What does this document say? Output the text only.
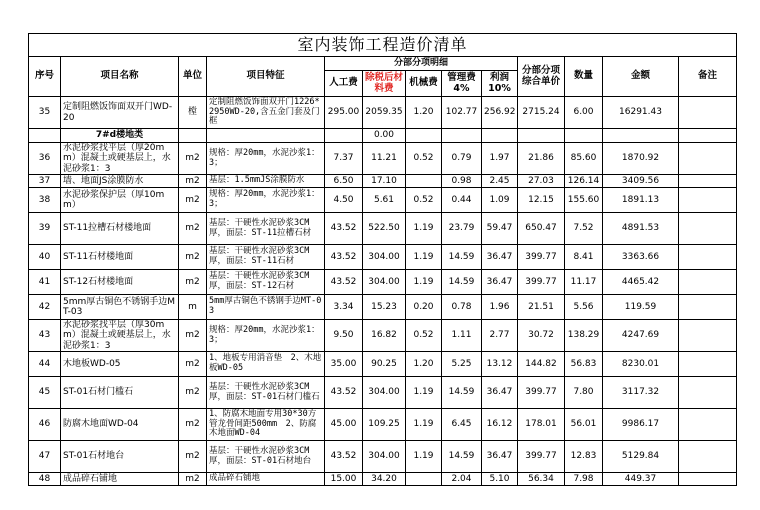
室内装饰工程造价清单												
序号	项目名称	单位	项目特征	分部分项明细					分部分项综合单价	数量	金额	备注
				人工费	除税后材料费	机械费	管理费4%	利润10%				
35	定制阻燃饭饰面双开门WD-20	樘	定制阻燃饭饰面双开门1226*2950WD-20,含五金门套及门框	295.00	2059.35	1.20	102.77	256.92	2715.24	6.00	16291.43	
	7#d楼地类				0.00							
36	水泥砂浆找平层（厚20mm）混凝土或硬基层上，水泥砂浆1：3	m2	规格：厚20mm，水泥沙浆1：3；	7.37	11.21	0.52	0.79	1.97	21.86	85.60	1870.92	
37	墙、地面JS涂膜防水	m2	基层：1.5mmJS涂膜防水	6.50	17.10		0.98	2.45	27.03	126.14	3409.56	
38	水泥砂浆保护层（厚10mm）	m2	规格：厚20mm，水泥沙浆1：3；	4.50	5.61	0.52	0.44	1.09	12.15	155.60	1891.13	
39	ST-11拉槽石材楼地面	m2	基层：干硬性水泥砂浆3CM厚，面层：ST-11拉槽石材	43.52	522.50	1.19	23.79	59.47	650.47	7.52	4891.53	
40	ST-11石材楼地面	m2	基层：干硬性水泥砂浆3CM厚，面层：ST-11石材	43.52	304.00	1.19	14.59	36.47	399.77	8.41	3363.66	
41	ST-12石材楼地面	m2	基层：干硬性水泥砂浆3CM厚，面层：ST-12石材	43.52	304.00	1.19	14.59	36.47	399.77	11.17	4465.42	
42	5mm厚古铜色不锈钢手边MT-03	m	5mm厚古铜色不锈钢手边MT-03	3.34	15.23	0.20	0.78	1.96	21.51	5.56	119.59	
43	水泥砂浆找平层（厚30mm）混凝土或硬基层上，水泥砂浆1：3	m2	规格：厚20mm，水泥沙浆1：3；	9.50	16.82	0.52	1.11	2.77	30.72	138.29	4247.69	
44	木地板WD-05	m2	1、地板专用消音垫　2、木地板WD-05	35.00	90.25	1.20	5.25	13.12	144.82	56.83	8230.01	
45	ST-01石材门槛石	m2	基层：干硬性水泥砂浆3CM厚，面层：ST-01石材门槛石	43.52	304.00	1.19	14.59	36.47	399.77	7.80	3117.32	
46	防腐木地面WD-04	m2	1、防腐木地面专用30*30方管龙骨间距500mm　2、防腐木地面WD-04	45.00	109.25	1.19	6.45	16.12	178.01	56.01	9986.17	
47	ST-01石材地台	m2	基层：干硬性水泥砂浆3CM厚，面层：ST-01石材地台	43.52	304.00	1.19	14.59	36.47	399.77	12.83	5129.84	
48	成品碎石铺地	m2	成品碎石铺地	15.00	34.20		2.04	5.10	56.34	7.98	449.37	
